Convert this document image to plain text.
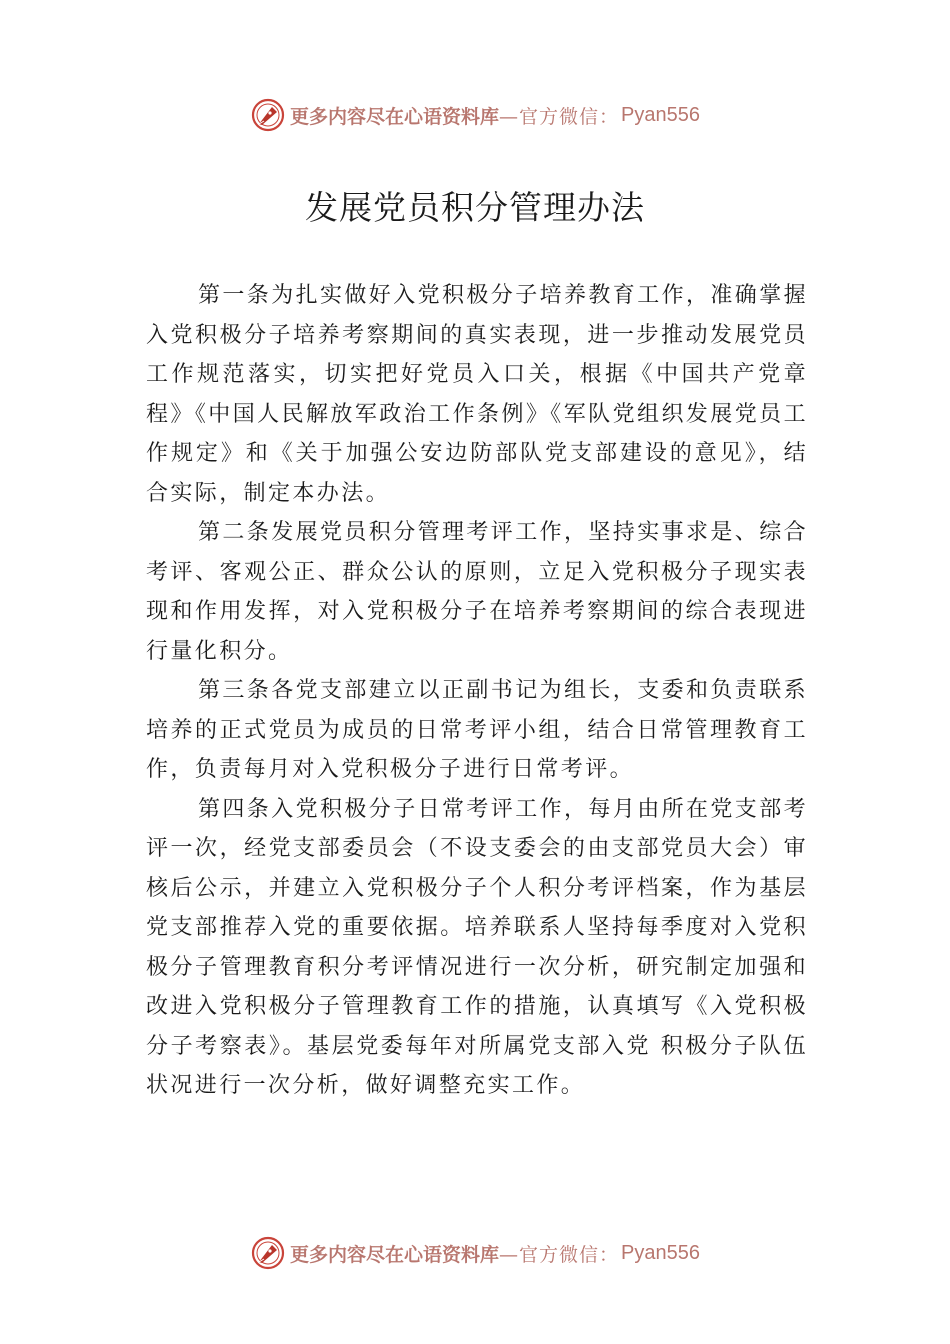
更多内容尽在心语资料库 —官方微信： Pyan556
发展党员积分管理办法

第一条为扎实做好入党积极分子培养教育工作，准确掌握入党积极分子培养考察期间的真实表现，进一步推动发展党员工作规范落实，切实把好党员入口关，根据《中国共产党章程》《中国人民解放军政治工作条例》《军队党组织发展党员工作规定》和《关于加强公安边防部队党支部建设的意见》，结合实际，制定本办法。

第二条发展党员积分管理考评工作，坚持实事求是、综合考评、客观公正、群众公认的原则，立足入党积极分子现实表现和作用发挥，对入党积极分子在培养考察期间的综合表现进行量化积分。

第三条各党支部建立以正副书记为组长，支委和负责联系培养的正式党员为成员的日常考评小组，结合日常管理教育工作，负责每月对入党积极分子进行日常考评。

第四条入党积极分子日常考评工作，每月由所在党支部考评一次，经党支部委员会（不设支委会的由支部党员大会）审核后公示，并建立入党积极分子个人积分考评档案，作为基层党支部推荐入党的重要依据。培养联系人坚持每季度对入党积极分子管理教育积分考评情况进行一次分析，研究制定加强和改进入党积极分子管理教育工作的措施，认真填写《入党积极分子考察表》。基层党委每年对所属党支部入党 积极分子队伍状况进行一次分析，做好调整充实工作。

更多内容尽在心语资料库 —官方微信： Pyan556
